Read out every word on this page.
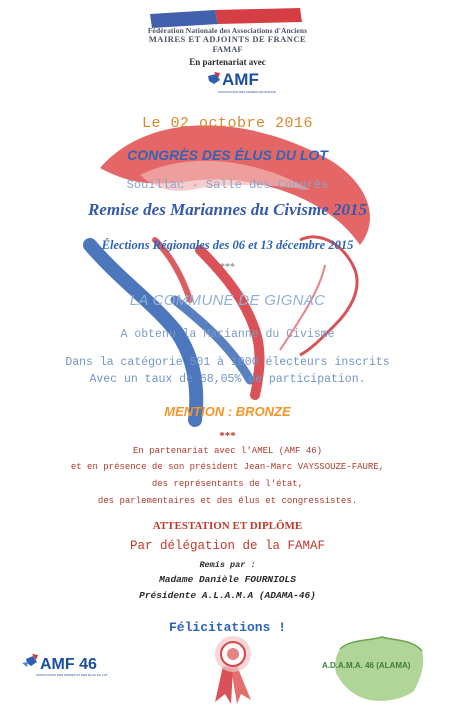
Fédération Nationale des Associations d'Anciens
MAIRES ET ADJOINTS DE FRANCE
FAMAF
En partenariat avec
AMF
ASSOCIATION DES MAIRES DE FRANCE
Le 02 octobre 2016
CONGRÈS DES ÉLUS DU LOT
Souillac - Salle des Congrès
Remise des Mariannes du Civisme 2015
Élections Régionales des 06 et 13 décembre 2015
***
LA COMMUNE DE GIGNAC
A obtenu la Marianne du Civisme
Dans la catégorie 501 à 1000 électeurs inscrits
Avec un taux de 68,05% de participation.
MENTION : BRONZE
***
En partenariat avec l'AMEL (AMF 46)
et en présence de son président Jean-Marc VAYSSOUZE-FAURE,
des représentants de l'état,
des parlementaires et des élus et congressistes.
ATTESTATION ET DIPLÔME
Par délégation de la FAMAF
Remis par :
Madame Danièle FOURNIOLS
Présidente A.L.A.M.A (ADAMA-46)
Félicitations !
AMF 46
ASSOCIATION DES MAIRES ET DES ÉLUS DU LOT
A.D.A.M.A. 46 (ALAMA)
